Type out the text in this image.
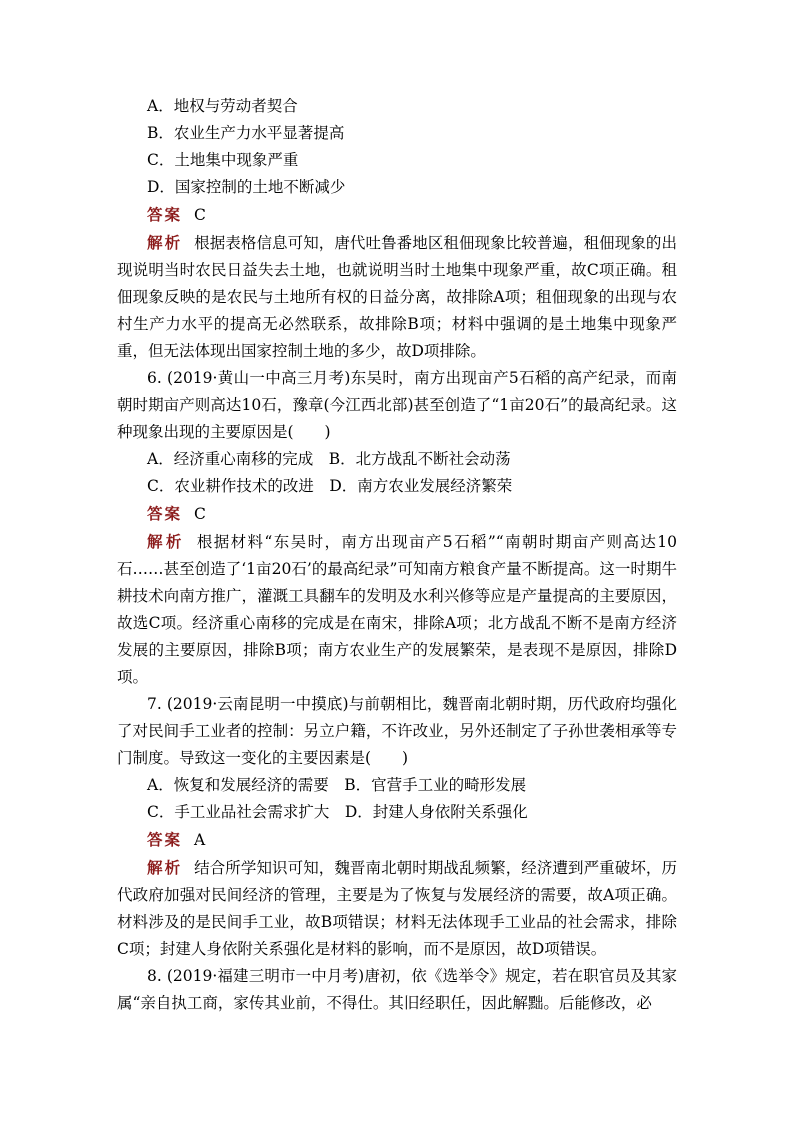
A．地权与劳动者契合
B．农业生产力水平显著提高
C．土地集中现象严重
D．国家控制的土地不断减少
答案 C
解析 根据表格信息可知，唐代吐鲁番地区租佃现象比较普遍，租佃现象的出现说明当时农民日益失去土地，也就说明当时土地集中现象严重，故C项正确。租佃现象反映的是农民与土地所有权的日益分离，故排除A项；租佃现象的出现与农村生产力水平的提高无必然联系，故排除B项；材料中强调的是土地集中现象严重，但无法体现出国家控制土地的多少，故D项排除。
6. (2019·黄山一中高三月考)东吴时，南方出现亩产5石稻的高产纪录，而南朝时期亩产则高达10石，豫章(今江西北部)甚至创造了“1亩20石”的最高纪录。这种现象出现的主要原因是(　　)
A．经济重心南移的完成　B．北方战乱不断社会动荡
C．农业耕作技术的改进　D．南方农业发展经济繁荣
答案 C
解析 根据材料“东吴时，南方出现亩产5石稻”“南朝时期亩产则高达10石……甚至创造了‘1亩20石’的最高纪录”可知南方粮食产量不断提高。这一时期牛耕技术向南方推广，灌溉工具翻车的发明及水利兴修等应是产量提高的主要原因，故选C项。经济重心南移的完成是在南宋，排除A项；北方战乱不断不是南方经济发展的主要原因，排除B项；南方农业生产的发展繁荣，是表现不是原因，排除D项。
7. (2019·云南昆明一中摸底)与前朝相比，魏晋南北朝时期，历代政府均强化了对民间手工业者的控制：另立户籍，不许改业，另外还制定了子孙世袭相承等专门制度。导致这一变化的主要因素是(　　)
A．恢复和发展经济的需要　B．官营手工业的畸形发展
C．手工业品社会需求扩大　D．封建人身依附关系强化
答案 A
解析 结合所学知识可知，魏晋南北朝时期战乱频繁，经济遭到严重破坏，历代政府加强对民间经济的管理，主要是为了恢复与发展经济的需要，故A项正确。材料涉及的是民间手工业，故B项错误；材料无法体现手工业品的社会需求，排除C项；封建人身依附关系强化是材料的影响，而不是原因，故D项错误。
8. (2019·福建三明市一中月考)唐初，依《选举令》规定，若在职官员及其家属“亲自执工商，家传其业前，不得仕。其旧经职任，因此解黜。后能修改，必
